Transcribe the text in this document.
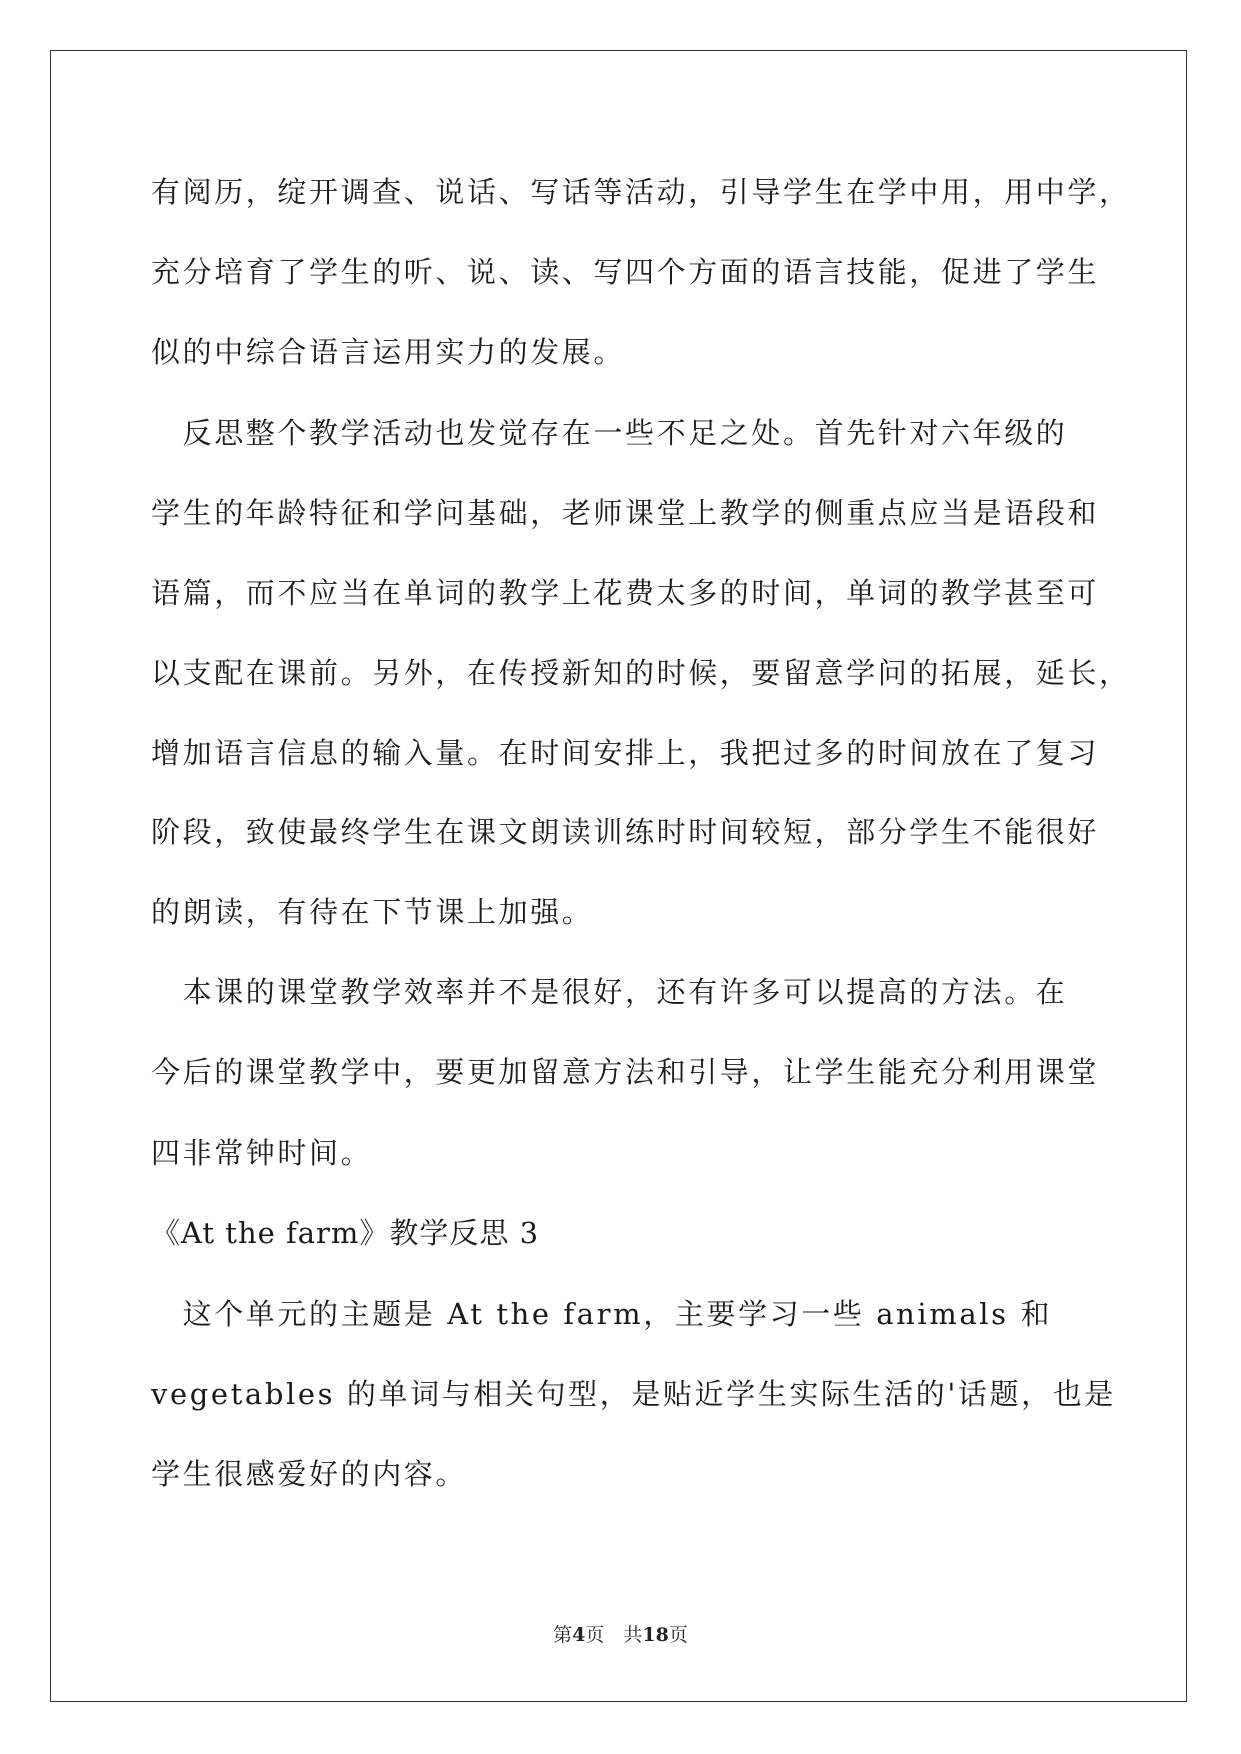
有阅历，绽开调查、说话、写话等活动，引导学生在学中用，用中学，
充分培育了学生的听、说、读、写四个方面的语言技能，促进了学生
似的中综合语言运用实力的发展。
　反思整个教学活动也发觉存在一些不足之处。首先针对六年级的
学生的年龄特征和学问基础，老师课堂上教学的侧重点应当是语段和
语篇，而不应当在单词的教学上花费太多的时间，单词的教学甚至可
以支配在课前。另外，在传授新知的时候，要留意学问的拓展，延长，
增加语言信息的输入量。在时间安排上，我把过多的时间放在了复习
阶段，致使最终学生在课文朗读训练时时间较短，部分学生不能很好
的朗读，有待在下节课上加强。
　本课的课堂教学效率并不是很好，还有许多可以提高的方法。在
今后的课堂教学中，要更加留意方法和引导，让学生能充分利用课堂
四非常钟时间。
《At the farm》教学反思 3
　这个单元的主题是 At the farm，主要学习一些 animals 和
vegetables 的单词与相关句型，是贴近学生实际生活的'话题，也是
学生很感爱好的内容。
第4页　共18页
